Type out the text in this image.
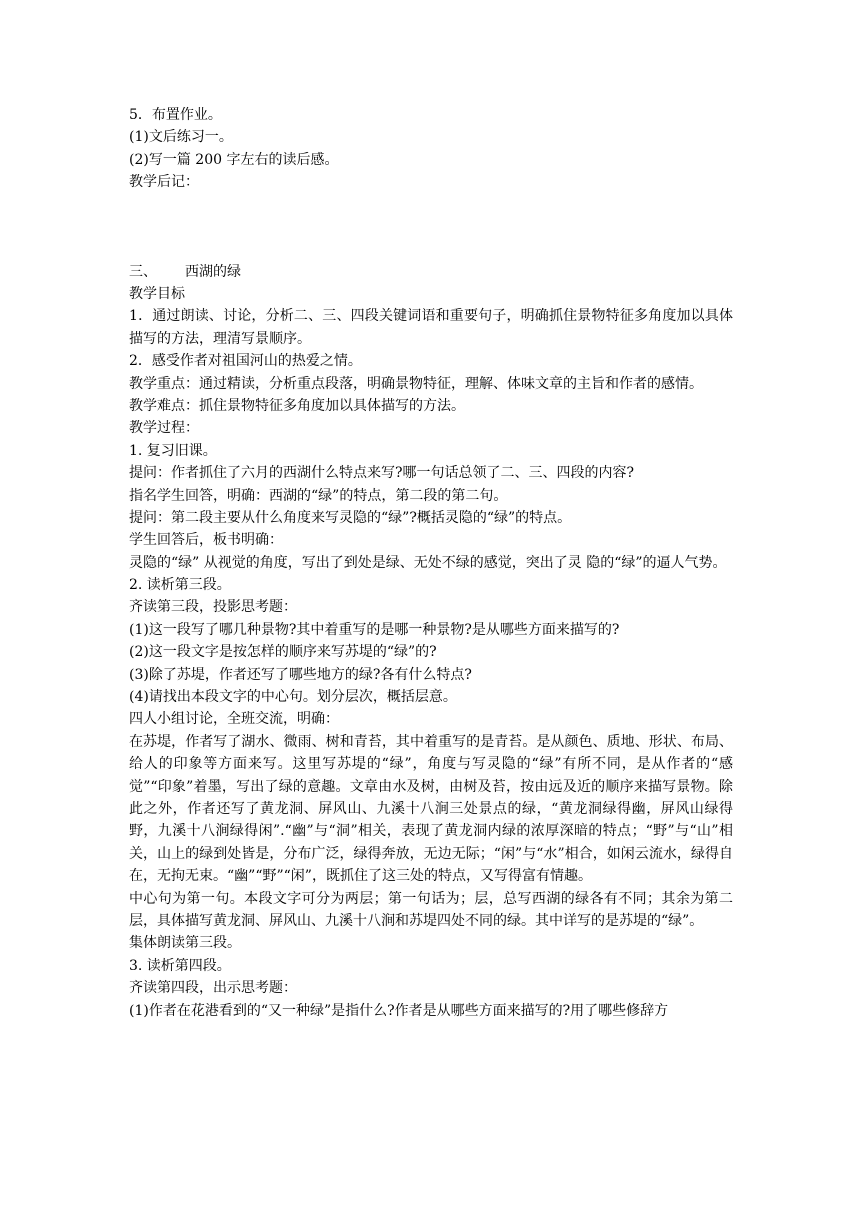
5．布置作业。

(1)文后练习一。

(2)写一篇 200 字左右的读后感。

教学后记：

三、 西湖的绿

教学目标

1．通过朗读、讨论，分析二、三、四段关键词语和重要句子，明确抓住景物特征多角度加以具体描写的方法，理清写景顺序。

2．感受作者对祖国河山的热爱之情。

教学重点：通过精读，分析重点段落，明确景物特征，理解、体味文章的主旨和作者的感情。

教学难点：抓住景物特征多角度加以具体描写的方法。

教学过程：

1. 复习旧课。

提问：作者抓住了六月的西湖什么特点来写?哪一句话总领了二、三、四段的内容?

指名学生回答，明确：西湖的“绿”的特点，第二段的第二句。

提问：第二段主要从什么角度来写灵隐的“绿”?概括灵隐的“绿”的特点。

学生回答后，板书明确：

灵隐的“绿” 从视觉的角度，写出了到处是绿、无处不绿的感觉，突出了灵 隐的“绿”的逼人气势。

2. 读析第三段。

齐读第三段，投影思考题：

(1)这一段写了哪几种景物?其中着重写的是哪一种景物?是从哪些方面来描写的?

(2)这一段文字是按怎样的顺序来写苏堤的“绿”的?

(3)除了苏堤，作者还写了哪些地方的绿?各有什么特点?

(4)请找出本段文字的中心句。划分层次，概括层意。

四人小组讨论，全班交流，明确：

在苏堤，作者写了湖水、微雨、树和青苔，其中着重写的是青苔。是从颜色、质地、形状、布局、给人的印象等方面来写。这里写苏堤的“绿”，角度与写灵隐的“绿”有所不同，是从作者的“感觉”“印象”着墨，写出了绿的意趣。文章由水及树，由树及苔，按由远及近的顺序来描写景物。除此之外，作者还写了黄龙洞、屏风山、九溪十八涧三处景点的绿，“黄龙洞绿得幽，屏风山绿得野，九溪十八涧绿得闲”.“幽”与“洞”相关，表现了黄龙洞内绿的浓厚深暗的特点；“野”与“山”相关，山上的绿到处皆是，分布广泛，绿得奔放，无边无际；“闲”与“水”相合，如闲云流水，绿得自在，无拘无束。“幽”“野”“闲”，既抓住了这三处的特点，又写得富有情趣。

中心句为第一句。本段文字可分为两层；第一句话为；层，总写西湖的绿各有不同；其余为第二层，具体描写黄龙洞、屏风山、九溪十八涧和苏堤四处不同的绿。其中详写的是苏堤的“绿”。

集体朗读第三段。

3. 读析第四段。

齐读第四段，出示思考题：

(1)作者在花港看到的“又一种绿”是指什么?作者是从哪些方面来描写的?用了哪些修辞方
